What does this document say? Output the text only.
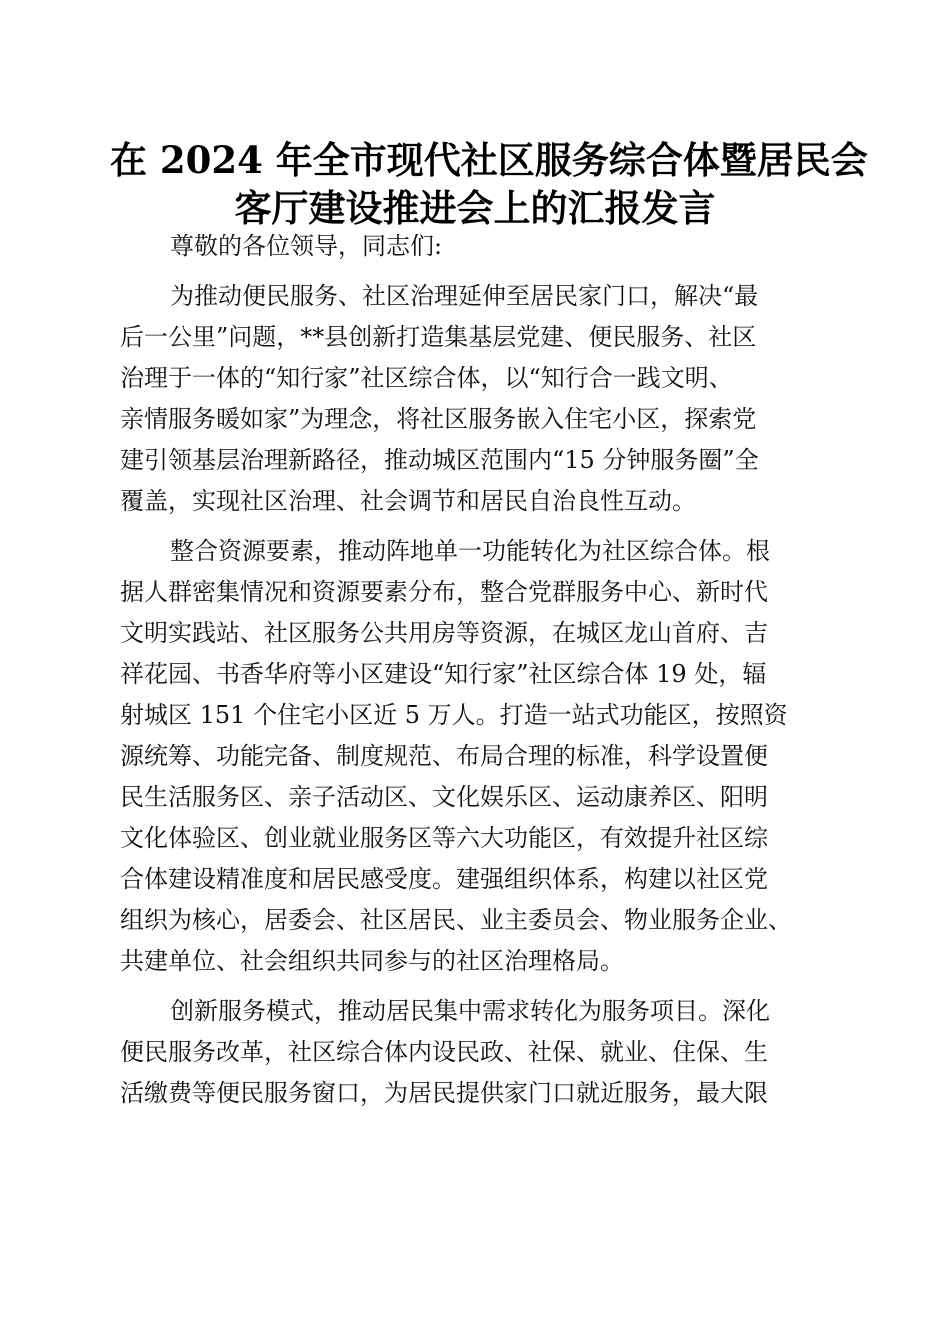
在 2024 年全市现代社区服务综合体暨居民会
客厅建设推进会上的汇报发言
尊敬的各位领导，同志们:
为推动便民服务、社区治理延伸至居民家门口，解决“最
后一公里”问题，**县创新打造集基层党建、便民服务、社区
治理于一体的“知行家”社区综合体，以“知行合一践文明、
亲情服务暖如家”为理念，将社区服务嵌入住宅小区，探索党
建引领基层治理新路径，推动城区范围内“15 分钟服务圈”全
覆盖，实现社区治理、社会调节和居民自治良性互动。
整合资源要素，推动阵地单一功能转化为社区综合体。根
据人群密集情况和资源要素分布，整合党群服务中心、新时代
文明实践站、社区服务公共用房等资源，在城区龙山首府、吉
祥花园、书香华府等小区建设“知行家”社区综合体 19 处，辐
射城区 151 个住宅小区近 5 万人。打造一站式功能区，按照资
源统筹、功能完备、制度规范、布局合理的标准，科学设置便
民生活服务区、亲子活动区、文化娱乐区、运动康养区、阳明
文化体验区、创业就业服务区等六大功能区，有效提升社区综
合体建设精准度和居民感受度。建强组织体系，构建以社区党
组织为核心，居委会、社区居民、业主委员会、物业服务企业、
共建单位、社会组织共同参与的社区治理格局。
创新服务模式，推动居民集中需求转化为服务项目。深化
便民服务改革，社区综合体内设民政、社保、就业、住保、生
活缴费等便民服务窗口，为居民提供家门口就近服务，最大限
